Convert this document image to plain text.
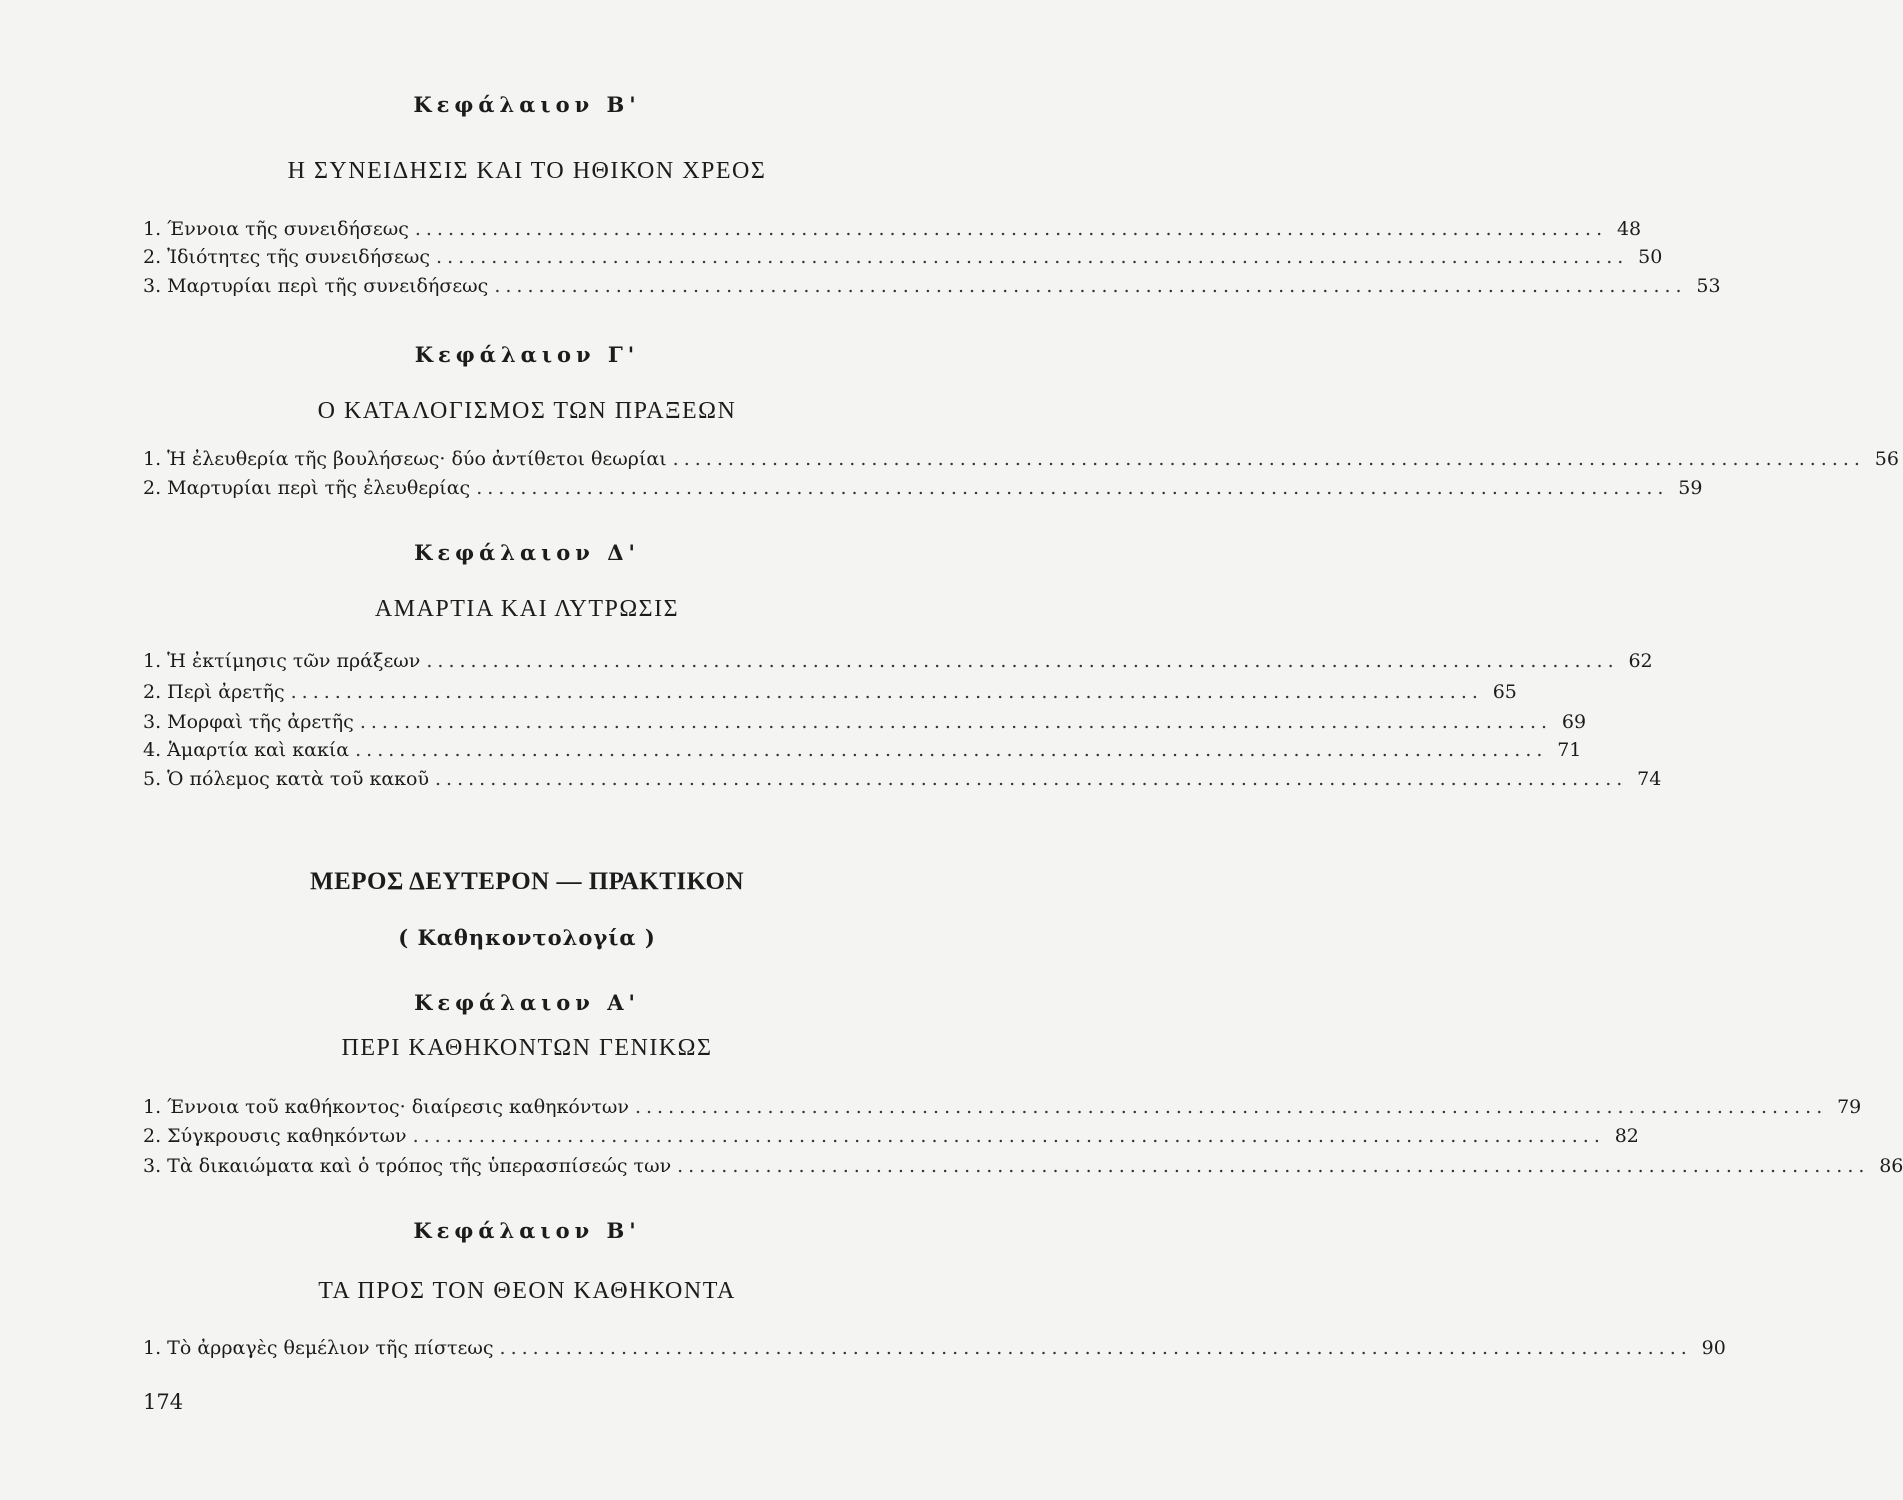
Κεφάλαιον Β'
Η ΣΥΝΕΙΔΗΣΙΣ ΚΑΙ ΤΟ ΗΘΙΚΟΝ ΧΡΕΟΣ
1. Έννοια τῆς συνειδήσεως ............................................................................................................ 48
2. Ἰδιότητες τῆς συνειδήσεως ............................................................................................................ 50
3. Μαρτυρίαι περὶ τῆς συνειδήσεως ............................................................................................................ 53
Κεφάλαιον Γ'
Ο ΚΑΤΑΛΟΓΙΣΜΟΣ ΤΩΝ ΠΡΑΞΕΩΝ
1. Ἡ ἐλευθερία τῆς βουλήσεως· δύο ἀντίθετοι θεωρίαι ............................................................................................................ 56
2. Μαρτυρίαι περὶ τῆς ἐλευθερίας ............................................................................................................ 59
Κεφάλαιον Δ'
ΑΜΑΡΤΙΑ ΚΑΙ ΛΥΤΡΩΣΙΣ
1. Ἡ ἐκτίμησις τῶν πράξεων ............................................................................................................ 62
2. Περὶ ἀρετῆς ............................................................................................................ 65
3. Μορφαὶ τῆς ἀρετῆς ............................................................................................................ 69
4. Ἁμαρτία καὶ κακία ............................................................................................................ 71
5. Ὁ πόλεμος κατὰ τοῦ κακοῦ ............................................................................................................ 74
ΜΕΡΟΣ ΔΕΥΤΕΡΟΝ — ΠΡΑΚΤΙΚΟΝ
( Καθηκοντολογία )
Κεφάλαιον Α'
ΠΕΡΙ ΚΑΘΗΚΟΝΤΩΝ ΓΕΝΙΚΩΣ
1. Έννοια τοῦ καθήκοντος· διαίρεσις καθηκόντων ............................................................................................................ 79
2. Σύγκρουσις καθηκόντων ............................................................................................................ 82
3. Τὰ δικαιώματα καὶ ὁ τρόπος τῆς ὑπερασπίσεώς των ............................................................................................................ 86
Κεφάλαιον Β'
ΤΑ ΠΡΟΣ ΤΟΝ ΘΕΟΝ ΚΑΘΗΚΟΝΤΑ
1. Τὸ ἀρραγὲς θεμέλιον τῆς πίστεως ............................................................................................................ 90
174
